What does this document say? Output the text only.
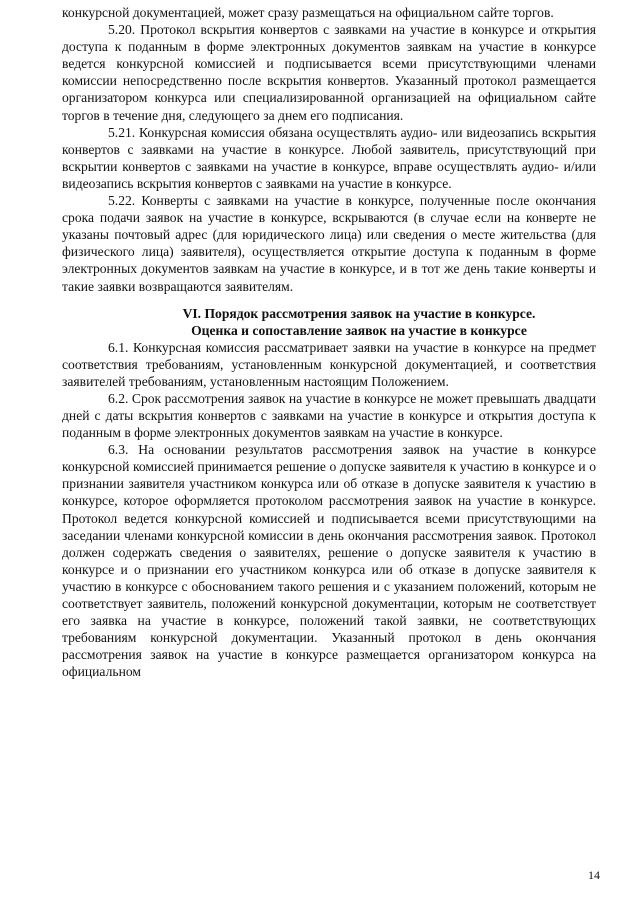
конкурсной документацией, может сразу размещаться на официальном сайте торгов.

5.20. Протокол вскрытия конвертов с заявками на участие в конкурсе и открытия доступа к поданным в форме электронных документов заявкам на участие в конкурсе ведется конкурсной комиссией и подписывается всеми присутствующими членами комиссии непосредственно после вскрытия конвертов. Указанный протокол размещается организатором конкурса или специализированной организацией на официальном сайте торгов в течение дня, следующего за днем его подписания.

5.21. Конкурсная комиссия обязана осуществлять аудио- или видеозапись вскрытия конвертов с заявками на участие в конкурсе. Любой заявитель, присутствующий при вскрытии конвертов с заявками на участие в конкурсе, вправе осуществлять аудио- и/или видеозапись вскрытия конвертов с заявками на участие в конкурсе.

5.22. Конверты с заявками на участие в конкурсе, полученные после окончания срока подачи заявок на участие в конкурсе, вскрываются (в случае если на конверте не указаны почтовый адрес (для юридического лица) или сведения о месте жительства (для физического лица) заявителя), осуществляется открытие доступа к поданным в форме электронных документов заявкам на участие в конкурсе, и в тот же день такие конверты и такие заявки возвращаются заявителям.

VI. Порядок рассмотрения заявок на участие в конкурсе.
Оценка и сопоставление заявок на участие в конкурсе

6.1. Конкурсная комиссия рассматривает заявки на участие в конкурсе на предмет соответствия требованиям, установленным конкурсной документацией, и соответствия заявителей требованиям, установленным настоящим Положением.

6.2. Срок рассмотрения заявок на участие в конкурсе не может превышать двадцати дней с даты вскрытия конвертов с заявками на участие в конкурсе и открытия доступа к поданным в форме электронных документов заявкам на участие в конкурсе.

6.3. На основании результатов рассмотрения заявок на участие в конкурсе конкурсной комиссией принимается решение о допуске заявителя к участию в конкурсе и о признании заявителя участником конкурса или об отказе в допуске заявителя к участию в конкурсе, которое оформляется протоколом рассмотрения заявок на участие в конкурсе. Протокол ведется конкурсной комиссией и подписывается всеми присутствующими на заседании членами конкурсной комиссии в день окончания рассмотрения заявок. Протокол должен содержать сведения о заявителях, решение о допуске заявителя к участию в конкурсе и о признании его участником конкурса или об отказе в допуске заявителя к участию в конкурсе с обоснованием такого решения и с указанием положений, которым не соответствует заявитель, положений конкурсной документации, которым не соответствует его заявка на участие в конкурсе, положений такой заявки, не соответствующих требованиям конкурсной документации. Указанный протокол в день окончания рассмотрения заявок на участие в конкурсе размещается организатором конкурса на официальном

14
